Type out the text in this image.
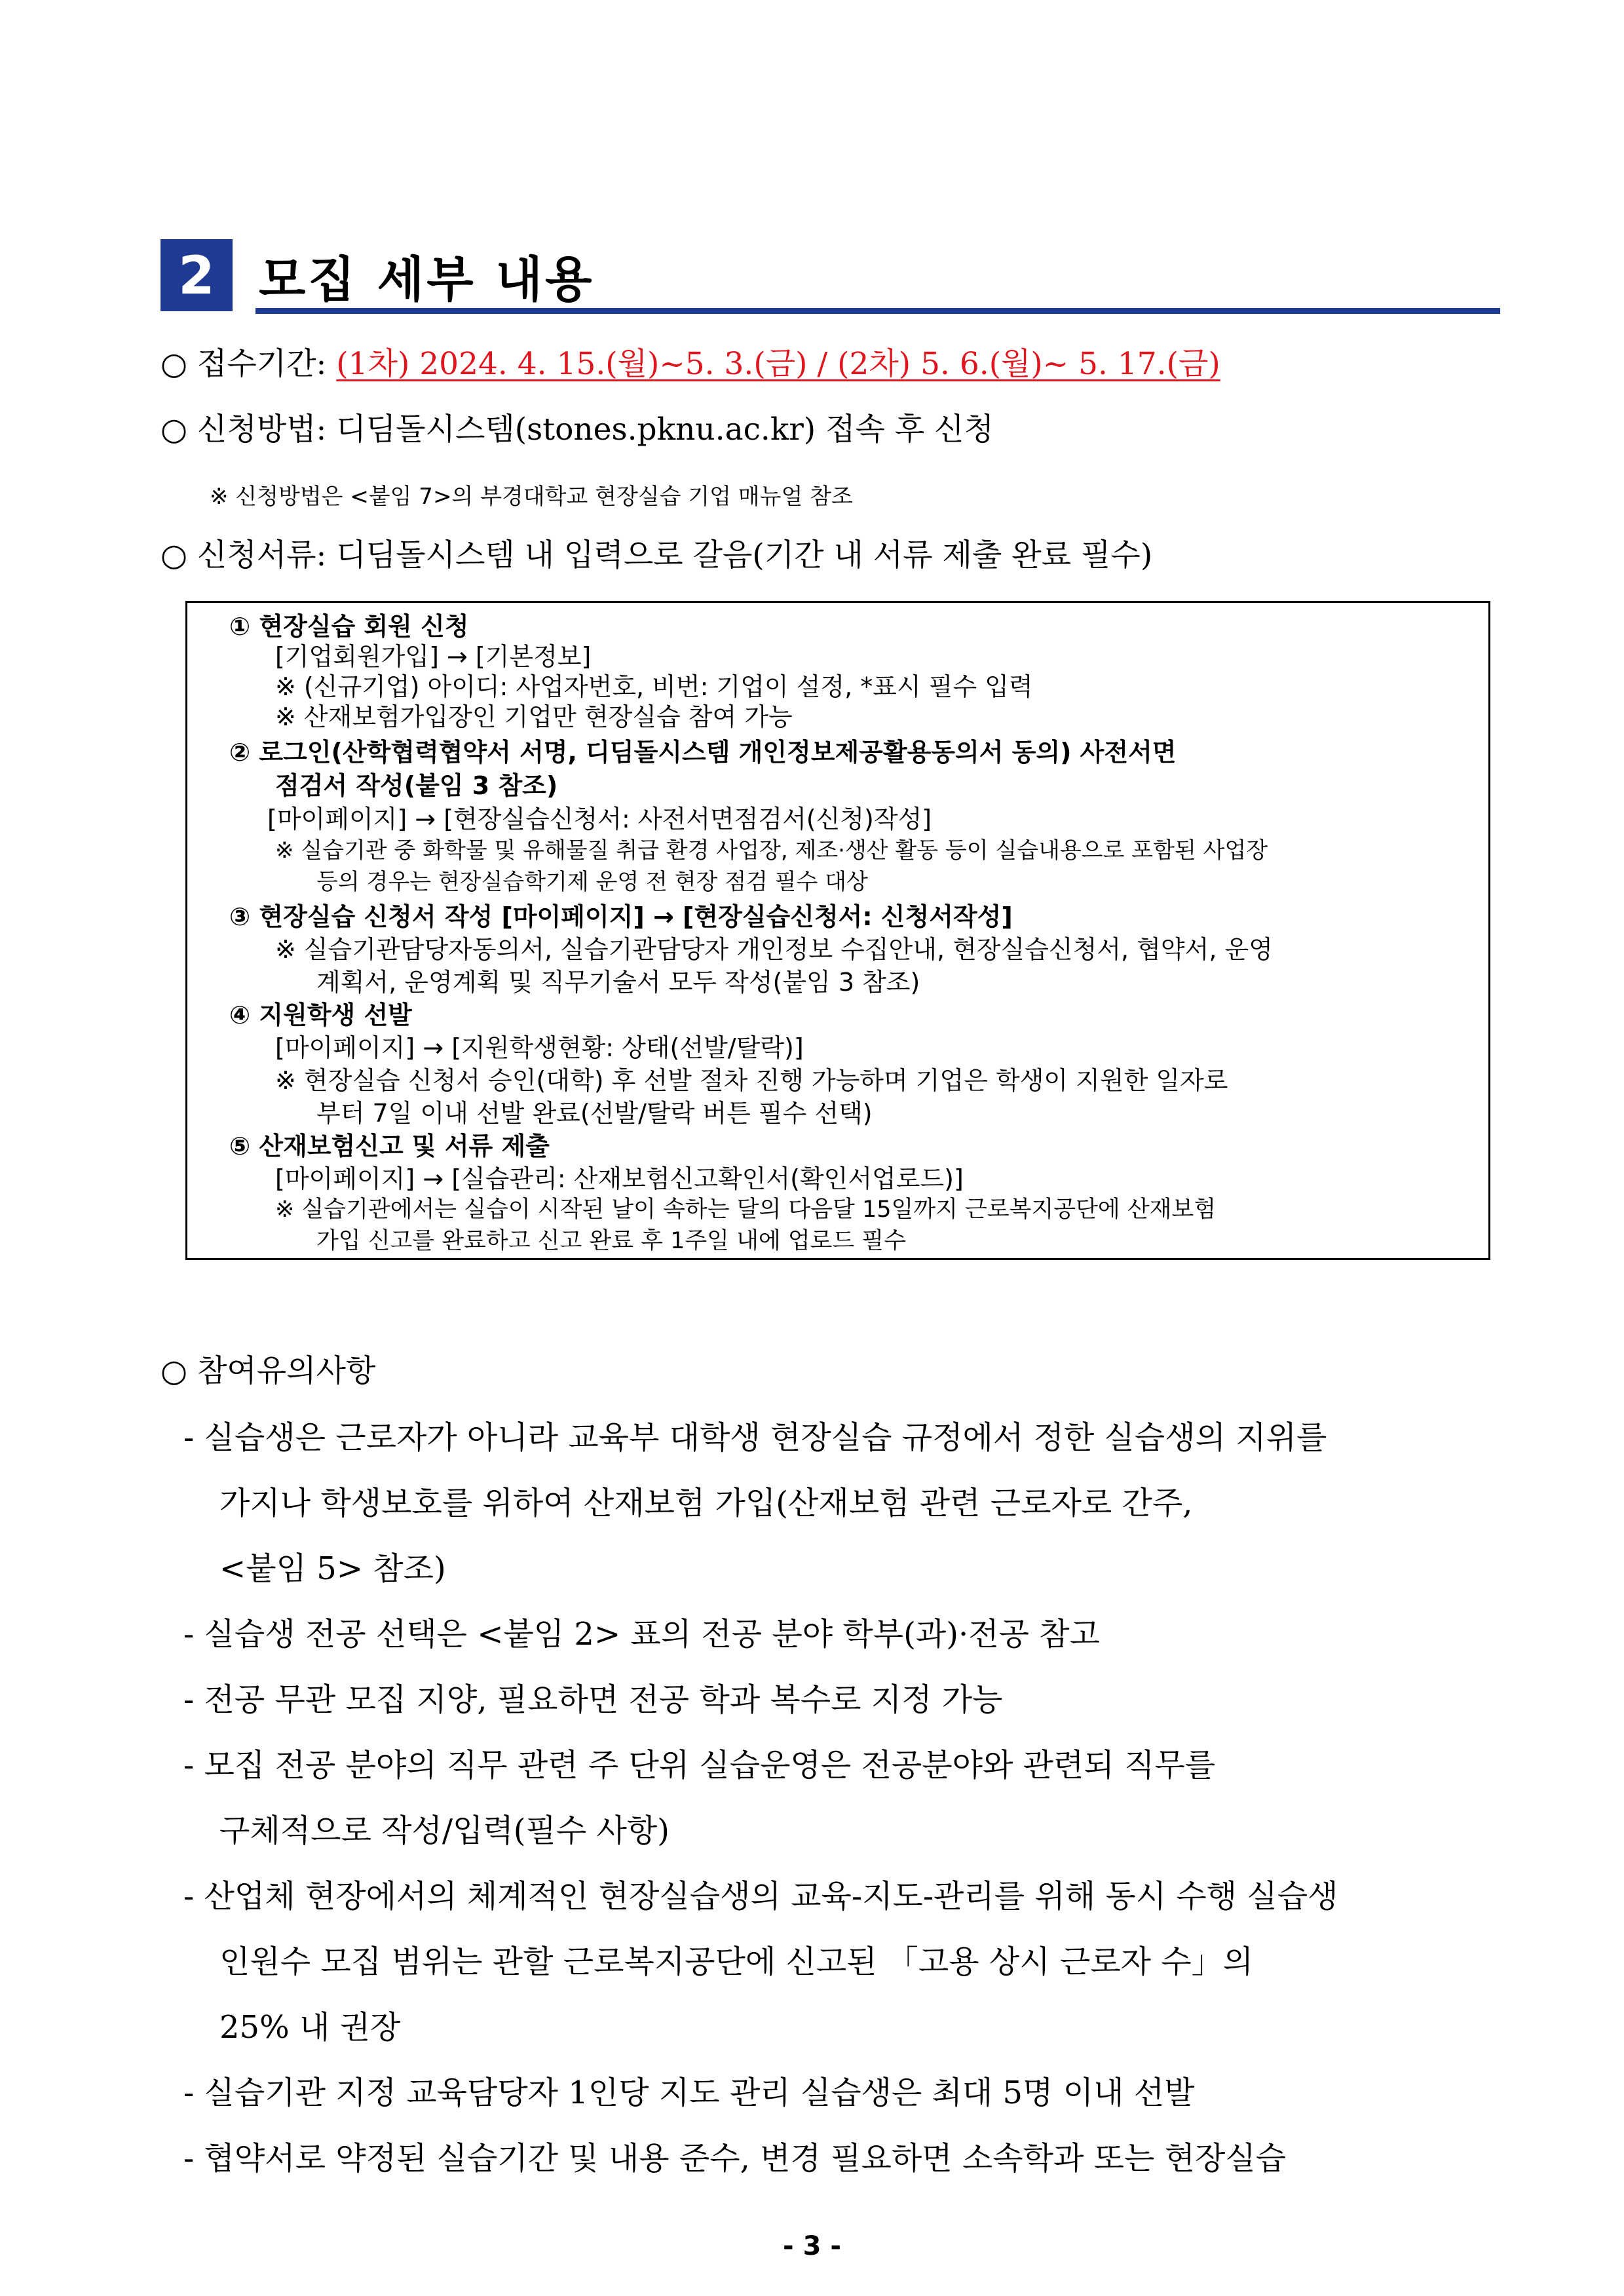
2 모집 세부 내용
○ 접수기간: (1차) 2024. 4. 15.(월)~5. 3.(금) / (2차) 5. 6.(월)~ 5. 17.(금)
○ 신청방법: 디딤돌시스템(stones.pknu.ac.kr) 접속 후 신청
※ 신청방법은 <붙임 7>의 부경대학교 현장실습 기업 매뉴얼 참조
○ 신청서류: 디딤돌시스템 내 입력으로 갈음(기간 내 서류 제출 완료 필수)
① 현장실습 회원 신청
[기업회원가입] → [기본정보]
※ (신규기업) 아이디: 사업자번호, 비번: 기업이 설정, *표시 필수 입력
※ 산재보험가입장인 기업만 현장실습 참여 가능
② 로그인(산학협력협약서 서명, 디딤돌시스템 개인정보제공활용동의서 동의) 사전서면
점검서 작성(붙임 3 참조)
[마이페이지] → [현장실습신청서: 사전서면점검서(신청)작성]
※ 실습기관 중 화학물 및 유해물질 취급 환경 사업장, 제조·생산 활동 등이 실습내용으로 포함된 사업장
등의 경우는 현장실습학기제 운영 전 현장 점검 필수 대상
③ 현장실습 신청서 작성 [마이페이지] → [현장실습신청서: 신청서작성]
※ 실습기관담당자동의서, 실습기관담당자 개인정보 수집안내, 현장실습신청서, 협약서, 운영
계획서, 운영계획 및 직무기술서 모두 작성(붙임 3 참조)
④ 지원학생 선발
[마이페이지] → [지원학생현황: 상태(선발/탈락)]
※ 현장실습 신청서 승인(대학) 후 선발 절차 진행 가능하며 기업은 학생이 지원한 일자로
부터 7일 이내 선발 완료(선발/탈락 버튼 필수 선택)
⑤ 산재보험신고 및 서류 제출
[마이페이지] → [실습관리: 산재보험신고확인서(확인서업로드)]
※ 실습기관에서는 실습이 시작된 날이 속하는 달의 다음달 15일까지 근로복지공단에 산재보험
가입 신고를 완료하고 신고 완료 후 1주일 내에 업로드 필수
○ 참여유의사항
- 실습생은 근로자가 아니라 교육부 대학생 현장실습 규정에서 정한 실습생의 지위를
가지나 학생보호를 위하여 산재보험 가입(산재보험 관련 근로자로 간주,
<붙임 5> 참조)
- 실습생 전공 선택은 <붙임 2> 표의 전공 분야 학부(과)·전공 참고
- 전공 무관 모집 지양, 필요하면 전공 학과 복수로 지정 가능
- 모집 전공 분야의 직무 관련 주 단위 실습운영은 전공분야와 관련되 직무를
구체적으로 작성/입력(필수 사항)
- 산업체 현장에서의 체계적인 현장실습생의 교육-지도-관리를 위해 동시 수행 실습생
인원수 모집 범위는 관할 근로복지공단에 신고된 「고용 상시 근로자 수」의
25% 내 권장
- 실습기관 지정 교육담당자 1인당 지도 관리 실습생은 최대 5명 이내 선발
- 협약서로 약정된 실습기간 및 내용 준수, 변경 필요하면 소속학과 또는 현장실습
- 3 -
